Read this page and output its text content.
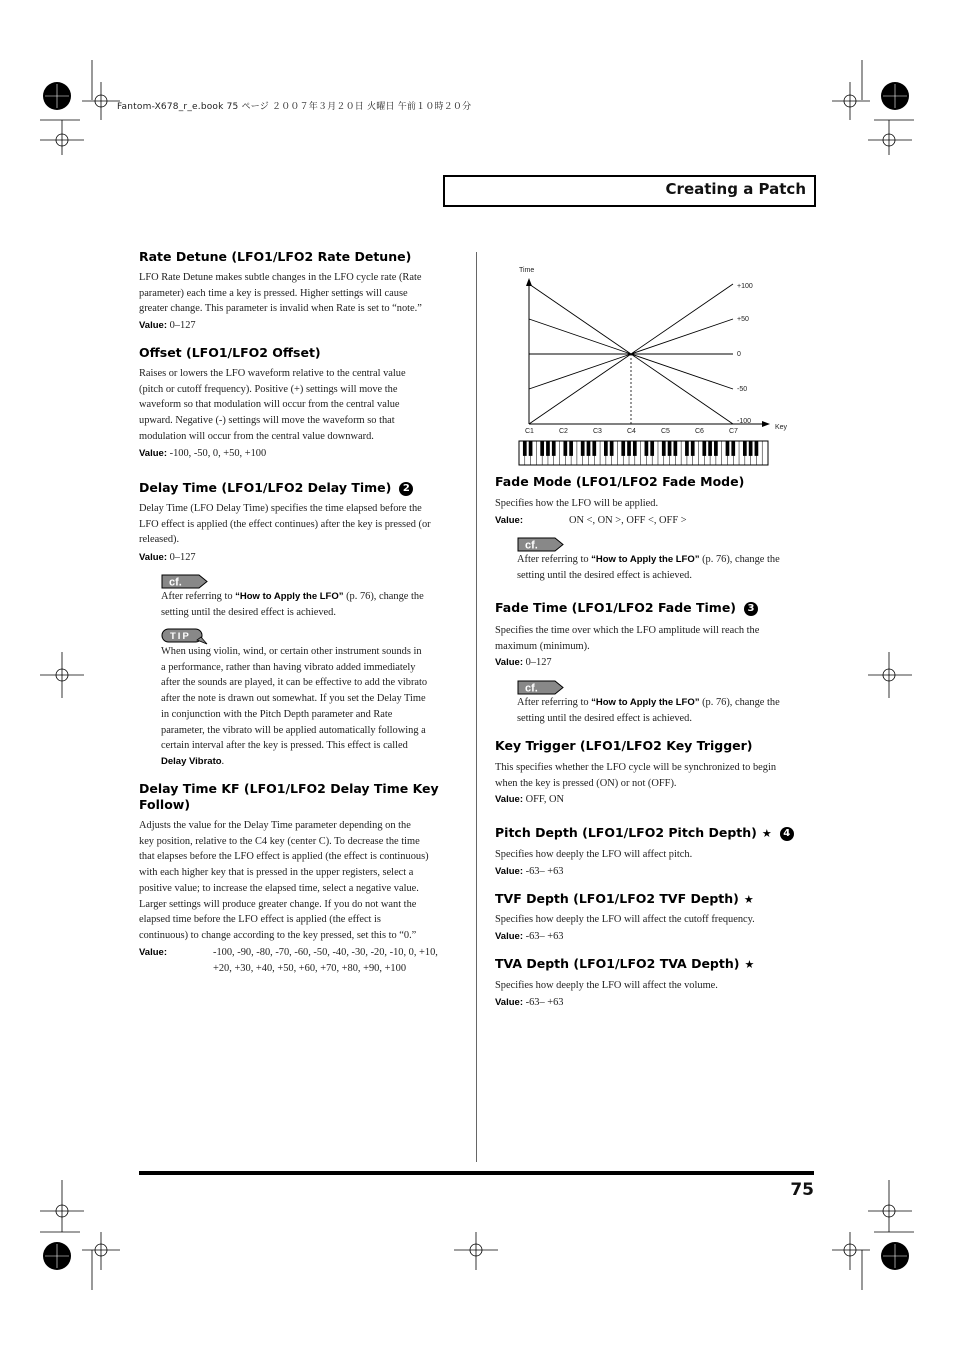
Fantom-X678_r_e.book 75 ページ ２００７年３月２０日 火曜日 午前１０時２０分
Creating a Patch
Rate Detune (LFO1/LFO2 Rate Detune)
LFO Rate Detune makes subtle changes in the LFO cycle rate (Rate
parameter) each time a key is pressed. Higher settings will cause
greater change. This parameter is invalid when Rate is set to “note.”
Value: 0–127
Offset (LFO1/LFO2 Offset)
Raises or lowers the LFO waveform relative to the central value
(pitch or cutoff frequency). Positive (+) settings will move the
waveform so that modulation will occur from the central value
upward. Negative (-) settings will move the waveform so that
modulation will occur from the central value downward.
Value: -100, -50, 0, +50, +100
Delay Time (LFO1/LFO2 Delay Time) 2
Delay Time (LFO Delay Time) specifies the time elapsed before the
LFO effect is applied (the effect continues) after the key is pressed (or
released).
Value: 0–127
cf.
After referring to “How to Apply the LFO” (p. 76), change the
setting until the desired effect is achieved.
TIP
When using violin, wind, or certain other instrument sounds in
a performance, rather than having vibrato added immediately
after the sounds are played, it can be effective to add the vibrato
after the note is drawn out somewhat. If you set the Delay Time
in conjunction with the Pitch Depth parameter and Rate
parameter, the vibrato will be applied automatically following a
certain interval after the key is pressed. This effect is called
Delay Vibrato.
Delay Time KF (LFO1/LFO2 Delay Time Key
Follow)
Adjusts the value for the Delay Time parameter depending on the
key position, relative to the C4 key (center C). To decrease the time
that elapses before the LFO effect is applied (the effect is continuous)
with each higher key that is pressed in the upper registers, select a
positive value; to increase the elapsed time, select a negative value.
Larger settings will produce greater change. If you do not want the
elapsed time before the LFO effect is applied (the effect is
continuous) to change according to the key pressed, set this to “0.”
Value:	-100, -90, -80, -70, -60, -50, -40, -30, -20, -10, 0, +10,
+20, +30, +40, +50, +60, +70, +80, +90, +100
-100
-50
0
+50
+100
C1	C2	C3	C4	C5	C6	C7
Time
Key
Fade Mode (LFO1/LFO2 Fade Mode)
Specifies how the LFO will be applied.
Value:	ON <, ON >, OFF <, OFF >
cf.
After referring to “How to Apply the LFO” (p. 76), change the
setting until the desired effect is achieved.
Fade Time (LFO1/LFO2 Fade Time) 3
Specifies the time over which the LFO amplitude will reach the
maximum (minimum).
Value: 0–127
cf.
After referring to “How to Apply the LFO” (p. 76), change the
setting until the desired effect is achieved.
Key Trigger (LFO1/LFO2 Key Trigger)
This specifies whether the LFO cycle will be synchronized to begin
when the key is pressed (ON) or not (OFF).
Value: OFF, ON
Pitch Depth (LFO1/LFO2 Pitch Depth) ★ 4
Specifies how deeply the LFO will affect pitch.
Value: -63– +63
TVF Depth (LFO1/LFO2 TVF Depth) ★
Specifies how deeply the LFO will affect the cutoff frequency.
Value: -63– +63
TVA Depth (LFO1/LFO2 TVA Depth) ★
Specifies how deeply the LFO will affect the volume.
Value: -63– +63
75
